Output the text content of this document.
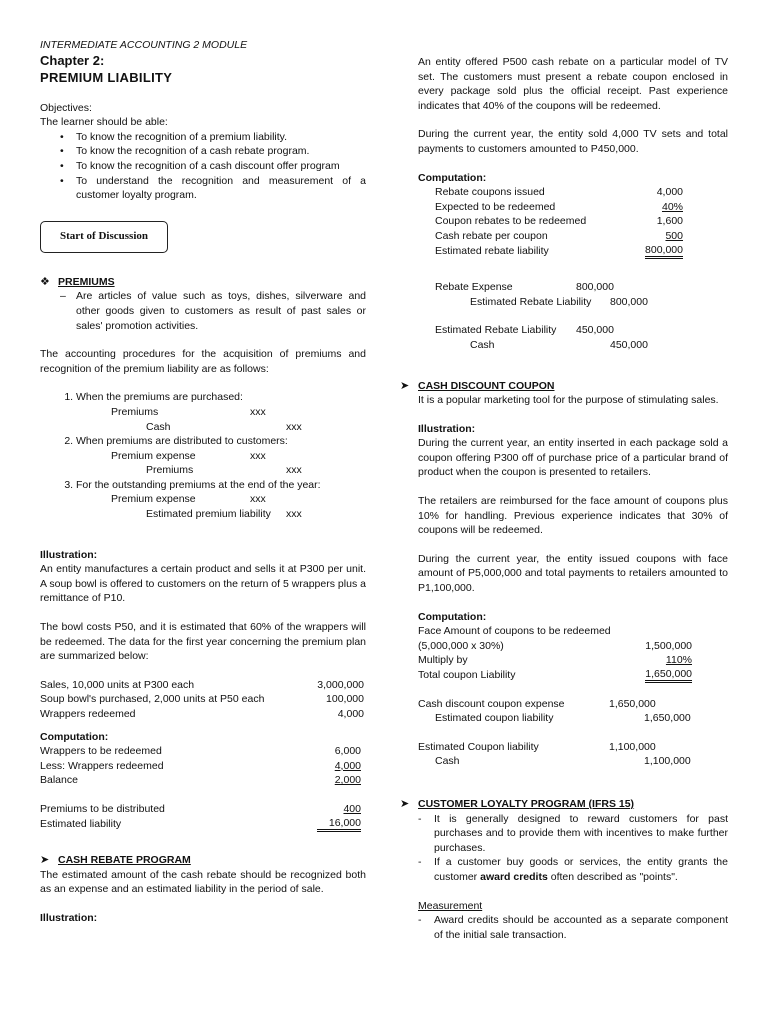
INTERMEDIATE ACCOUNTING 2 MODULE

Chapter 2:

PREMIUM LIABILITY

Objectives:

The learner should be able:

• To know the recognition of a premium liability.
• To know the recognition of a cash rebate program.
• To know the recognition of a cash discount offer program
• To understand the recognition and measurement of a customer loyalty program.
Start of Discussion
❖ PREMIUMS
– Are articles of value such as toys, dishes, silverware and other goods given to customers as result of past sales or sales' promotion activities.

The accounting procedures for the acquisition of premiums and recognition of the premium liability are as follows:

1. When the premiums are purchased:
Premiums	xxx
Cash	xxx
2. When premiums are distributed to customers:
Premium expense	xxx
Premiums	xxx
3. For the outstanding premiums at the end of the year:
Premium expense	xxx
Estimated premium liability xxx

Illustration:

An entity manufactures a certain product and sells it at P300 per unit. A soup bowl is offered to customers on the return of 5 wrappers plus a remittance of P10.

The bowl costs P50, and it is estimated that 60% of the wrappers will be redeemed. The data for the first year concerning the premium plan are summarized below:

Sales, 10,000 units at P300 each	3,000,000
Soup bowl's purchased, 2,000 units at P50 each	100,000
Wrappers redeemed	4,000

Computation:

Wrappers to be redeemed	6,000
Less: Wrappers redeemed	4,000
Balance	2,000
Premiums to be distributed	400
Estimated liability	16,000
➤ CASH REBATE PROGRAM

The estimated amount of the cash rebate should be recognized both as an expense and an estimated liability in the period of sale.

Illustration:

An entity offered P500 cash rebate on a particular model of TV set. The customers must present a rebate coupon enclosed in every package sold plus the official receipt. Past experience indicates that 40% of the coupons will be redeemed.

During the current year, the entity sold 4,000 TV sets and total payments to customers amounted to P450,000.

Computation:

Rebate coupons issued	4,000
Expected to be redeemed	40%
Coupon rebates to be redeemed	1,600
Cash rebate per coupon	500
Estimated rebate liability	800,000
Rebate Expense	800,000
Estimated Rebate Liability 800,000
Estimated Rebate Liability 450,000
Cash	450,000
➤ CASH DISCOUNT COUPON

It is a popular marketing tool for the purpose of stimulating sales.

Illustration:

During the current year, an entity inserted in each package sold a coupon offering P300 off of purchase price of a particular brand of product when the coupon is presented to retailers.

The retailers are reimbursed for the face amount of coupons plus 10% for handling. Previous experience indicates that 30% of coupons will be redeemed.

During the current year, the entity issued coupons with face amount of P5,000,000 and total payments to retailers amounted to P1,100,000.

Computation:

Face Amount of coupons to be redeemed

(5,000,000 x 30%)	1,500,000
Multiply by	110%
Total coupon Liability	1,650,000
Cash discount coupon expense	1,650,000
Estimated coupon liability	1,650,000
Estimated Coupon liability	1,100,000
Cash	1,100,000
➤ CUSTOMER LOYALTY PROGRAM (IFRS 15)
- It is generally designed to reward customers for past purchases and to provide them with incentives to make further purchases.
- If a customer buy goods or services, the entity grants the customer award credits often described as "points".

Measurement

- Award credits should be accounted as a separate component of the initial sale transaction.
